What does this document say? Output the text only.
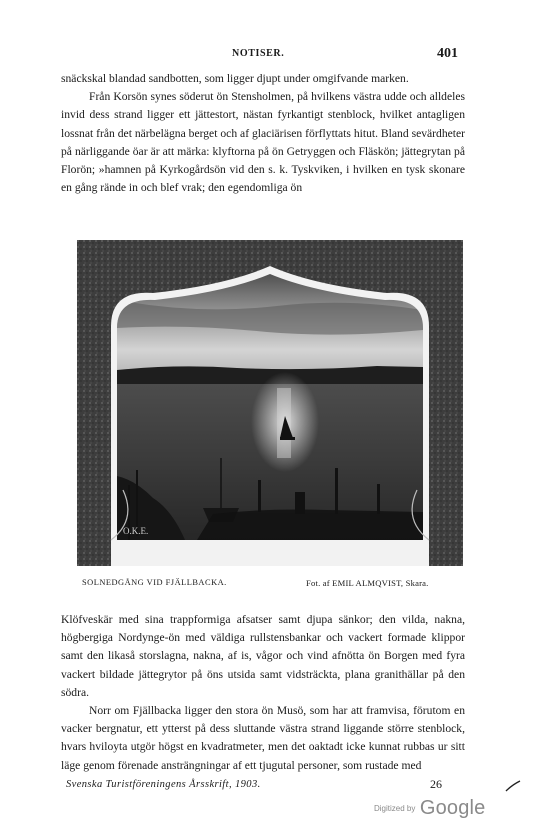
NOTISER.	401

snäckskal blandad sandbotten, som ligger djupt under omgifvande marken.

Från Korsön synes söderut ön Stensholmen, på hvilkens västra udde och alldeles invid dess strand ligger ett jättestort, nästan fyrkantigt stenblock, hvilket antagligen lossnat från det närbelägna berget och af glaciärisen förflyttats hitut. Bland sevärdheter på närliggande öar är att märka: klyftorna på ön Getryggen och Fläskön; jättegrytan på Florön; »hamnen på Kyrkogårdsön vid den s. k. Tyskviken, i hvilken en tysk skonare en gång rände in och blef vrak; den egendomliga ön

O.K.E.
SOLNEDGÅNG VID FJÄLLBACKA.	Fot. af EMIL ALMQVIST, Skara.

Klöfveskär med sina trappformiga afsatser samt djupa sänkor; den vilda, nakna, högbergiga Nordynge-ön med väldiga rullstensbankar och vackert formade klippor samt den likaså storslagna, nakna, af is, vågor och vind afnötta ön Borgen med fyra vackert bildade jättegrytor på öns utsida samt vidsträckta, plana granithällar på den södra.

Norr om Fjällbacka ligger den stora ön Musö, som har att framvisa, förutom en vacker bergnatur, ett ytterst på dess sluttande västra strand liggande större stenblock, hvars hviloyta utgör högst en kvadratmeter, men det oaktadt icke kunnat rubbas ur sitt läge genom förenade ansträngningar af ett tjugutal personer, som rustade med

Svenska Turistföreningens Årsskrift, 1903.	26
Digitized by Google
